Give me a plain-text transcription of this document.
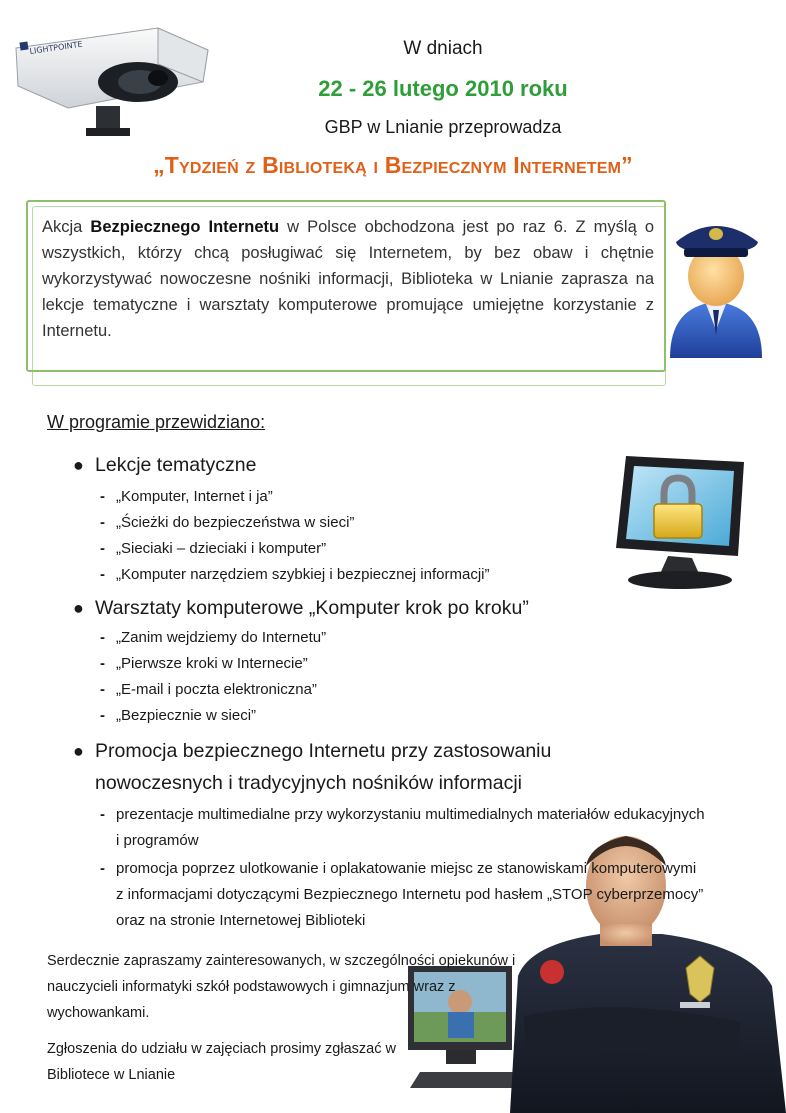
LIGHTPOINTE	W dniach
22 - 26 lutego 2010 roku
GBP w Lnianie przeprowadza
„Tydzień z Biblioteką i Bezpiecznym Internetem”
Akcja Bezpiecznego Internetu w Polsce obchodzona jest po raz 6. Z myślą o wszystkich, którzy chcą posługiwać się Internetem, by bez obaw i chętnie wykorzystywać nowoczesne nośniki informacji, Biblioteka w Lnianie zaprasza na lekcje tematyczne i warsztaty komputerowe promujące umiejętne korzystanie z Internetu.
W programie przewidziano:
● Lekcje tematyczne
- „Komputer, Internet i ja”
- „Ścieżki do bezpieczeństwa w sieci”
- „Sieciaki – dzieciaki i komputer”
- „Komputer narzędziem szybkiej i bezpiecznej informacji”
● Warsztaty komputerowe „Komputer krok po kroku”
- „Zanim wejdziemy do Internetu”
- „Pierwsze kroki w Internecie”
- „E-mail i poczta elektroniczna”
- „Bezpiecznie w sieci”
● Promocja bezpiecznego Internetu przy zastosowaniu
nowoczesnych i tradycyjnych nośników informacji
- prezentacje multimedialne przy wykorzystaniu multimedialnych materiałów edukacyjnych i programów
- promocja poprzez ulotkowanie i oplakatowanie miejsc ze stanowiskami komputerowymi z informacjami dotyczącymi Bezpiecznego Internetu pod hasłem „STOP cyberprzemocy” oraz na stronie Internetowej Biblioteki
Serdecznie zapraszamy zainteresowanych, w szczególności opiekunów i nauczycieli informatyki szkół podstawowych i gimnazjum wraz z wychowankami.
Zgłoszenia do udziału w zajęciach prosimy zgłaszać w Bibliotece w Lnianie
